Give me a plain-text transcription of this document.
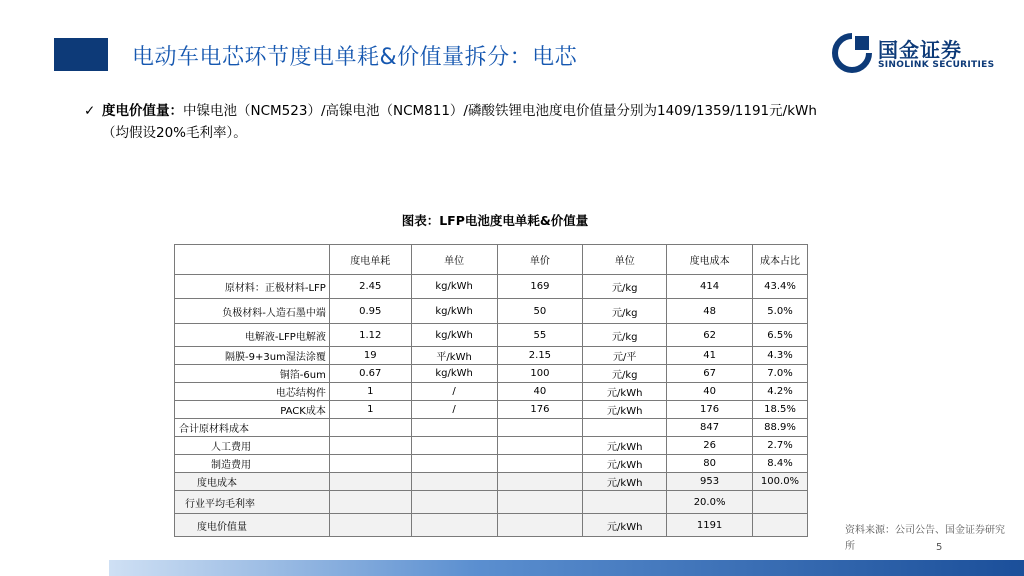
电动车电芯环节度电单耗&价值量拆分：电芯	国金证券
SINOLINK SECURITIES
✓ 度电价值量：中镍电池（NCM523）/高镍电池（NCM811）/磷酸铁锂电池度电价值量分别为1409/1359/1191元/kWh
（均假设20%毛利率）。
图表：LFP电池度电单耗&价值量
	度电单耗	单位	单价	单位	度电成本	成本占比
原材料：正极材料-LFP	2.45	kg/kWh	169	元/kg	414	43.4%
负极材料-人造石墨中端	0.95	kg/kWh	50	元/kg	48	5.0%
电解液-LFP电解液	1.12	kg/kWh	55	元/kg	62	6.5%
隔膜-9+3um湿法涂覆	19	平/kWh	2.15	元/平	41	4.3%
铜箔-6um	0.67	kg/kWh	100	元/kg	67	7.0%
电芯结构件	1	/	40	元/kWh	40	4.2%
PACK成本	1	/	176	元/kWh	176	18.5%
合计原材料成本					847	88.9%
人工费用				元/kWh	26	2.7%
制造费用				元/kWh	80	8.4%
度电成本				元/kWh	953	100.0%
行业平均毛利率					20.0%	
度电价值量				元/kWh	1191		资料来源：公司公告、国金证券研究所	5
